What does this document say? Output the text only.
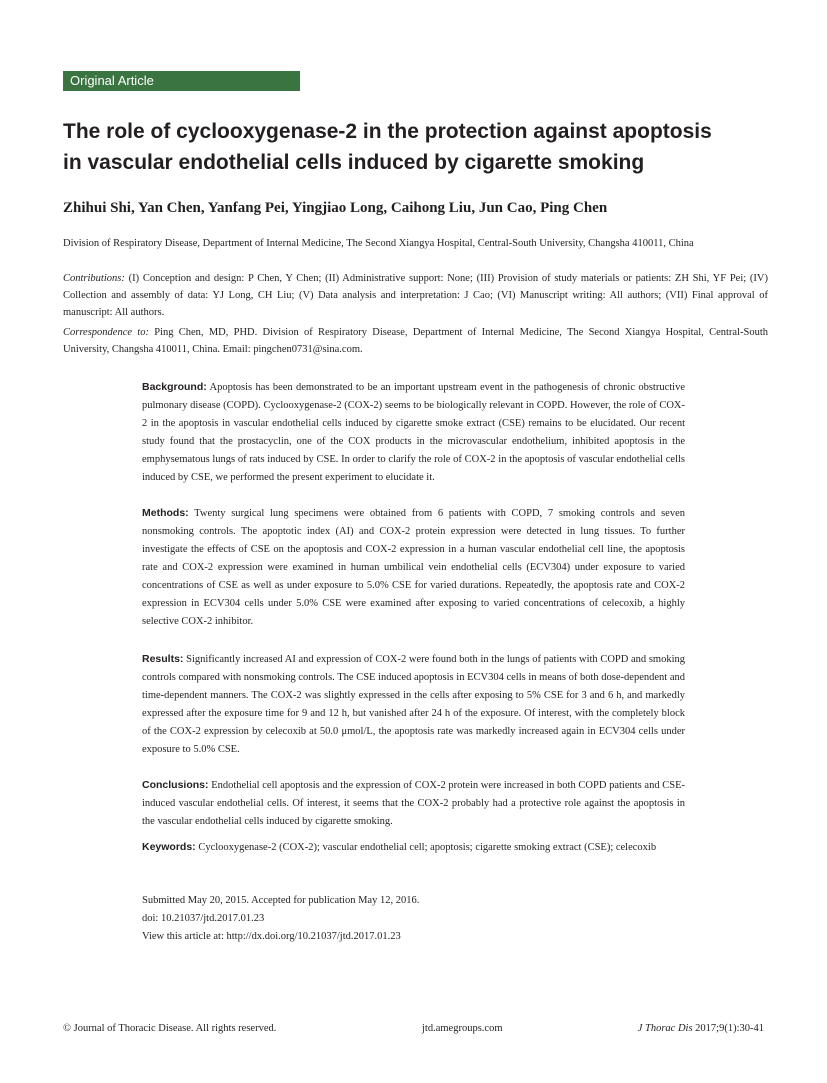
Original Article
The role of cyclooxygenase-2 in the protection against apoptosis
in vascular endothelial cells induced by cigarette smoking
Zhihui Shi, Yan Chen, Yanfang Pei, Yingjiao Long, Caihong Liu, Jun Cao, Ping Chen
Division of Respiratory Disease, Department of Internal Medicine, The Second Xiangya Hospital, Central-South University, Changsha 410011, China
Contributions: (I) Conception and design: P Chen, Y Chen; (II) Administrative support: None; (III) Provision of study materials or patients: ZH Shi, YF Pei; (IV) Collection and assembly of data: YJ Long, CH Liu; (V) Data analysis and interpretation: J Cao; (VI) Manuscript writing: All authors; (VII) Final approval of manuscript: All authors.
Correspondence to: Ping Chen, MD, PHD. Division of Respiratory Disease, Department of Internal Medicine, The Second Xiangya Hospital, Central-South University, Changsha 410011, China. Email: pingchen0731@sina.com.
Background: Apoptosis has been demonstrated to be an important upstream event in the pathogenesis of chronic obstructive pulmonary disease (COPD). Cyclooxygenase-2 (COX-2) seems to be biologically relevant in COPD. However, the role of COX-2 in the apoptosis in vascular endothelial cells induced by cigarette smoke extract (CSE) remains to be elucidated. Our recent study found that the prostacyclin, one of the COX products in the microvascular endothelium, inhibited apoptosis in the emphysematous lungs of rats induced by CSE. In order to clarify the role of COX-2 in the apoptosis of vascular endothelial cells induced by CSE, we performed the present experiment to elucidate it.
Methods: Twenty surgical lung specimens were obtained from 6 patients with COPD, 7 smoking controls and seven nonsmoking controls. The apoptotic index (AI) and COX-2 protein expression were detected in lung tissues. To further investigate the effects of CSE on the apoptosis and COX-2 expression in a human vascular endothelial cell line, the apoptosis rate and COX-2 expression were examined in human umbilical vein endothelial cells (ECV304) under exposure to varied concentrations of CSE as well as under exposure to 5.0% CSE for varied durations. Repeatedly, the apoptosis rate and COX-2 expression in ECV304 cells under 5.0% CSE were examined after exposing to varied concentrations of celecoxib, a highly selective COX-2 inhibitor.
Results: Significantly increased AI and expression of COX-2 were found both in the lungs of patients with COPD and smoking controls compared with nonsmoking controls. The CSE induced apoptosis in ECV304 cells in means of both dose-dependent and time-dependent manners. The COX-2 was slightly expressed in the cells after exposing to 5% CSE for 3 and 6 h, and markedly expressed after the exposure time for 9 and 12 h, but vanished after 24 h of the exposure. Of interest, with the completely block of the COX-2 expression by celecoxib at 50.0 μmol/L, the apoptosis rate was markedly increased again in ECV304 cells under exposure to 5.0% CSE.
Conclusions: Endothelial cell apoptosis and the expression of COX-2 protein were increased in both COPD patients and CSE-induced vascular endothelial cells. Of interest, it seems that the COX-2 probably had a protective role against the apoptosis in the vascular endothelial cells induced by cigarette smoking.
Keywords: Cyclooxygenase-2 (COX-2); vascular endothelial cell; apoptosis; cigarette smoking extract (CSE); celecoxib
Submitted May 20, 2015. Accepted for publication May 12, 2016.
doi: 10.21037/jtd.2017.01.23
View this article at: http://dx.doi.org/10.21037/jtd.2017.01.23
© Journal of Thoracic Disease. All rights reserved.	jtd.amegroups.com	J Thorac Dis 2017;9(1):30-41
